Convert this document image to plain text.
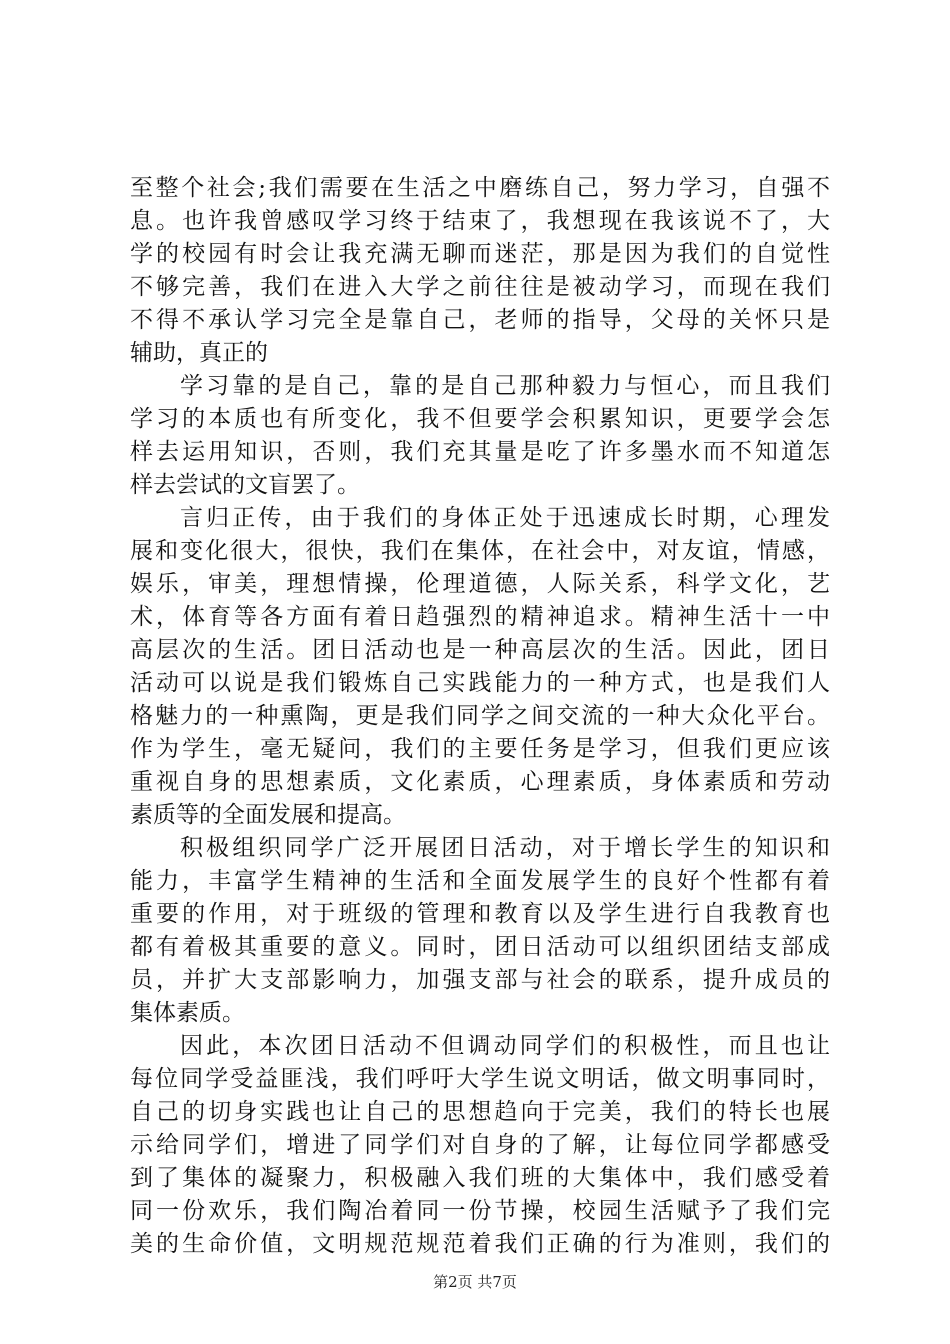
至整个社会;我们需要在生活之中磨练自己，努力学习，自强不
息。也许我曾感叹学习终于结束了，我想现在我该说不了，大
学的校园有时会让我充满无聊而迷茫，那是因为我们的自觉性
不够完善，我们在进入大学之前往往是被动学习，而现在我们
不得不承认学习完全是靠自己，老师的指导，父母的关怀只是
辅助，真正的
学习靠的是自己，靠的是自己那种毅力与恒心，而且我们
学习的本质也有所变化，我不但要学会积累知识，更要学会怎
样去运用知识，否则，我们充其量是吃了许多墨水而不知道怎
样去尝试的文盲罢了。
言归正传，由于我们的身体正处于迅速成长时期，心理发
展和变化很大，很快，我们在集体，在社会中，对友谊，情感，
娱乐，审美，理想情操，伦理道德，人际关系，科学文化，艺
术，体育等各方面有着日趋强烈的精神追求。精神生活十一中
高层次的生活。团日活动也是一种高层次的生活。因此，团日
活动可以说是我们锻炼自己实践能力的一种方式，也是我们人
格魅力的一种熏陶，更是我们同学之间交流的一种大众化平台。
作为学生，毫无疑问，我们的主要任务是学习，但我们更应该
重视自身的思想素质，文化素质，心理素质，身体素质和劳动
素质等的全面发展和提高。
积极组织同学广泛开展团日活动，对于增长学生的知识和
能力，丰富学生精神的生活和全面发展学生的良好个性都有着
重要的作用，对于班级的管理和教育以及学生进行自我教育也
都有着极其重要的意义。同时，团日活动可以组织团结支部成
员，并扩大支部影响力，加强支部与社会的联系，提升成员的
集体素质。
因此，本次团日活动不但调动同学们的积极性，而且也让
每位同学受益匪浅，我们呼吁大学生说文明话，做文明事同时，
自己的切身实践也让自己的思想趋向于完美，我们的特长也展
示给同学们，增进了同学们对自身的了解，让每位同学都感受
到了集体的凝聚力，积极融入我们班的大集体中，我们感受着
同一份欢乐，我们陶冶着同一份节操，校园生活赋予了我们完
美的生命价值，文明规范规范着我们正确的行为准则，我们的
第2页 共7页
